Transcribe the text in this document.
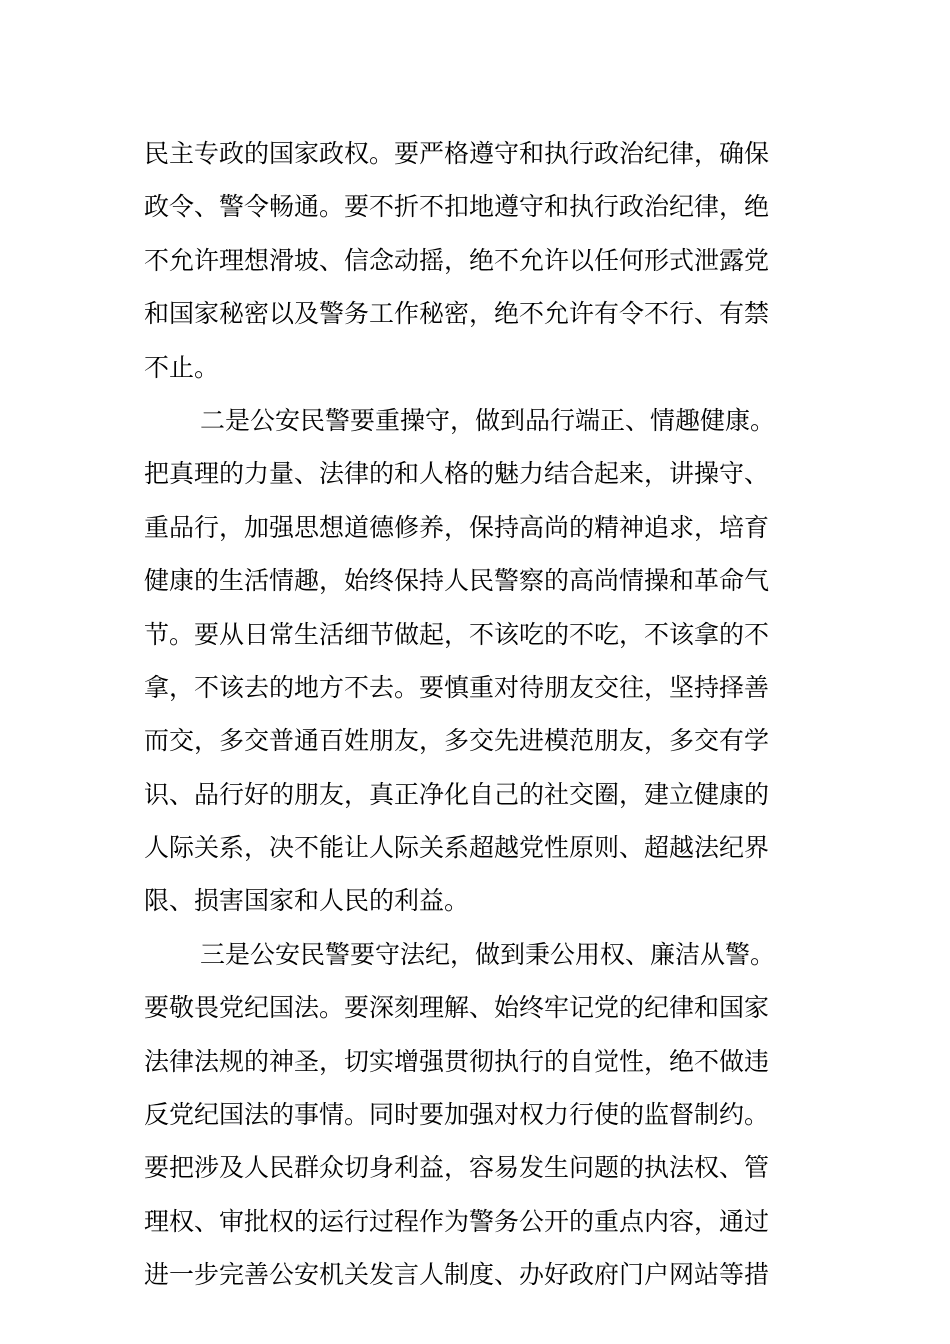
民主专政的国家政权。要严格遵守和执行政治纪律，确保
政令、警令畅通。要不折不扣地遵守和执行政治纪律，绝
不允许理想滑坡、信念动摇，绝不允许以任何形式泄露党
和国家秘密以及警务工作秘密，绝不允许有令不行、有禁
不止。
二是公安民警要重操守，做到品行端正、情趣健康。
把真理的力量、法律的和人格的魅力结合起来，讲操守、
重品行，加强思想道德修养，保持高尚的精神追求，培育
健康的生活情趣，始终保持人民警察的高尚情操和革命气
节。要从日常生活细节做起，不该吃的不吃，不该拿的不
拿，不该去的地方不去。要慎重对待朋友交往，坚持择善
而交，多交普通百姓朋友，多交先进模范朋友，多交有学
识、品行好的朋友，真正净化自己的社交圈，建立健康的
人际关系，决不能让人际关系超越党性原则、超越法纪界
限、损害国家和人民的利益。
三是公安民警要守法纪，做到秉公用权、廉洁从警。
要敬畏党纪国法。要深刻理解、始终牢记党的纪律和国家
法律法规的神圣，切实增强贯彻执行的自觉性，绝不做违
反党纪国法的事情。同时要加强对权力行使的监督制约。
要把涉及人民群众切身利益，容易发生问题的执法权、管
理权、审批权的运行过程作为警务公开的重点内容，通过
进一步完善公安机关发言人制度、办好政府门户网站等措
